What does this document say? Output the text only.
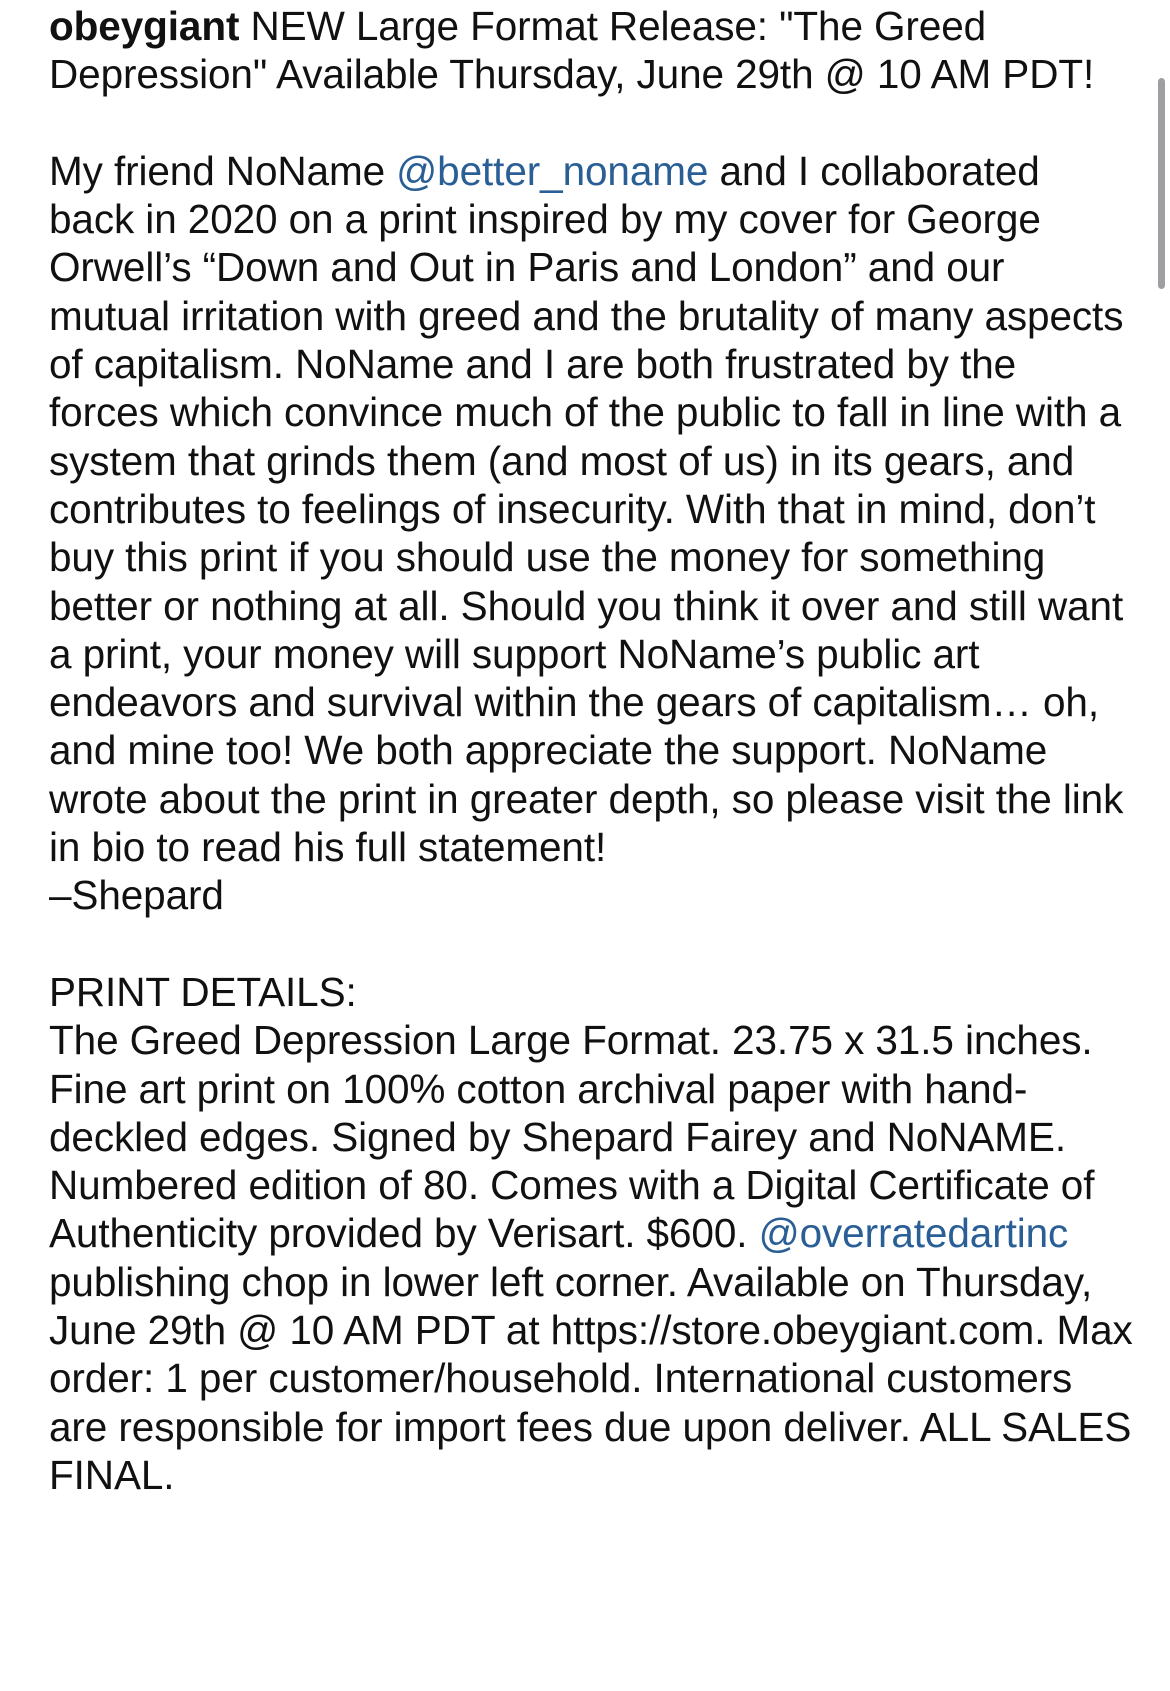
obeygiant NEW Large Format Release: "The Greed Depression" Available Thursday, June 29th @ 10 AM PDT!

My friend NoName @better_noname and I collaborated back in 2020 on a print inspired by my cover for George Orwell’s “Down and Out in Paris and London” and our mutual irritation with greed and the brutality of many aspects of capitalism. NoName and I are both frustrated by the forces which convince much of the public to fall in line with a system that grinds them (and most of us) in its gears, and contributes to feelings of insecurity. With that in mind, don’t buy this print if you should use the money for something better or nothing at all. Should you think it over and still want a print, your money will support NoName’s public art endeavors and survival within the gears of capitalism… oh, and mine too! We both appreciate the support. NoName wrote about the print in greater depth, so please visit the link in bio to read his full statement!
–Shepard

PRINT DETAILS:
The Greed Depression Large Format. 23.75 x 31.5 inches. Fine art print on 100% cotton archival paper with hand-deckled edges. Signed by Shepard Fairey and NoNAME. Numbered edition of 80. Comes with a Digital Certificate of Authenticity provided by Verisart. $600. @overratedartinc publishing chop in lower left corner. Available on Thursday, June 29th @ 10 AM PDT at https://store.obeygiant.com. Max order: 1 per customer/household. International customers are responsible for import fees due upon deliver. ALL SALES FINAL.
